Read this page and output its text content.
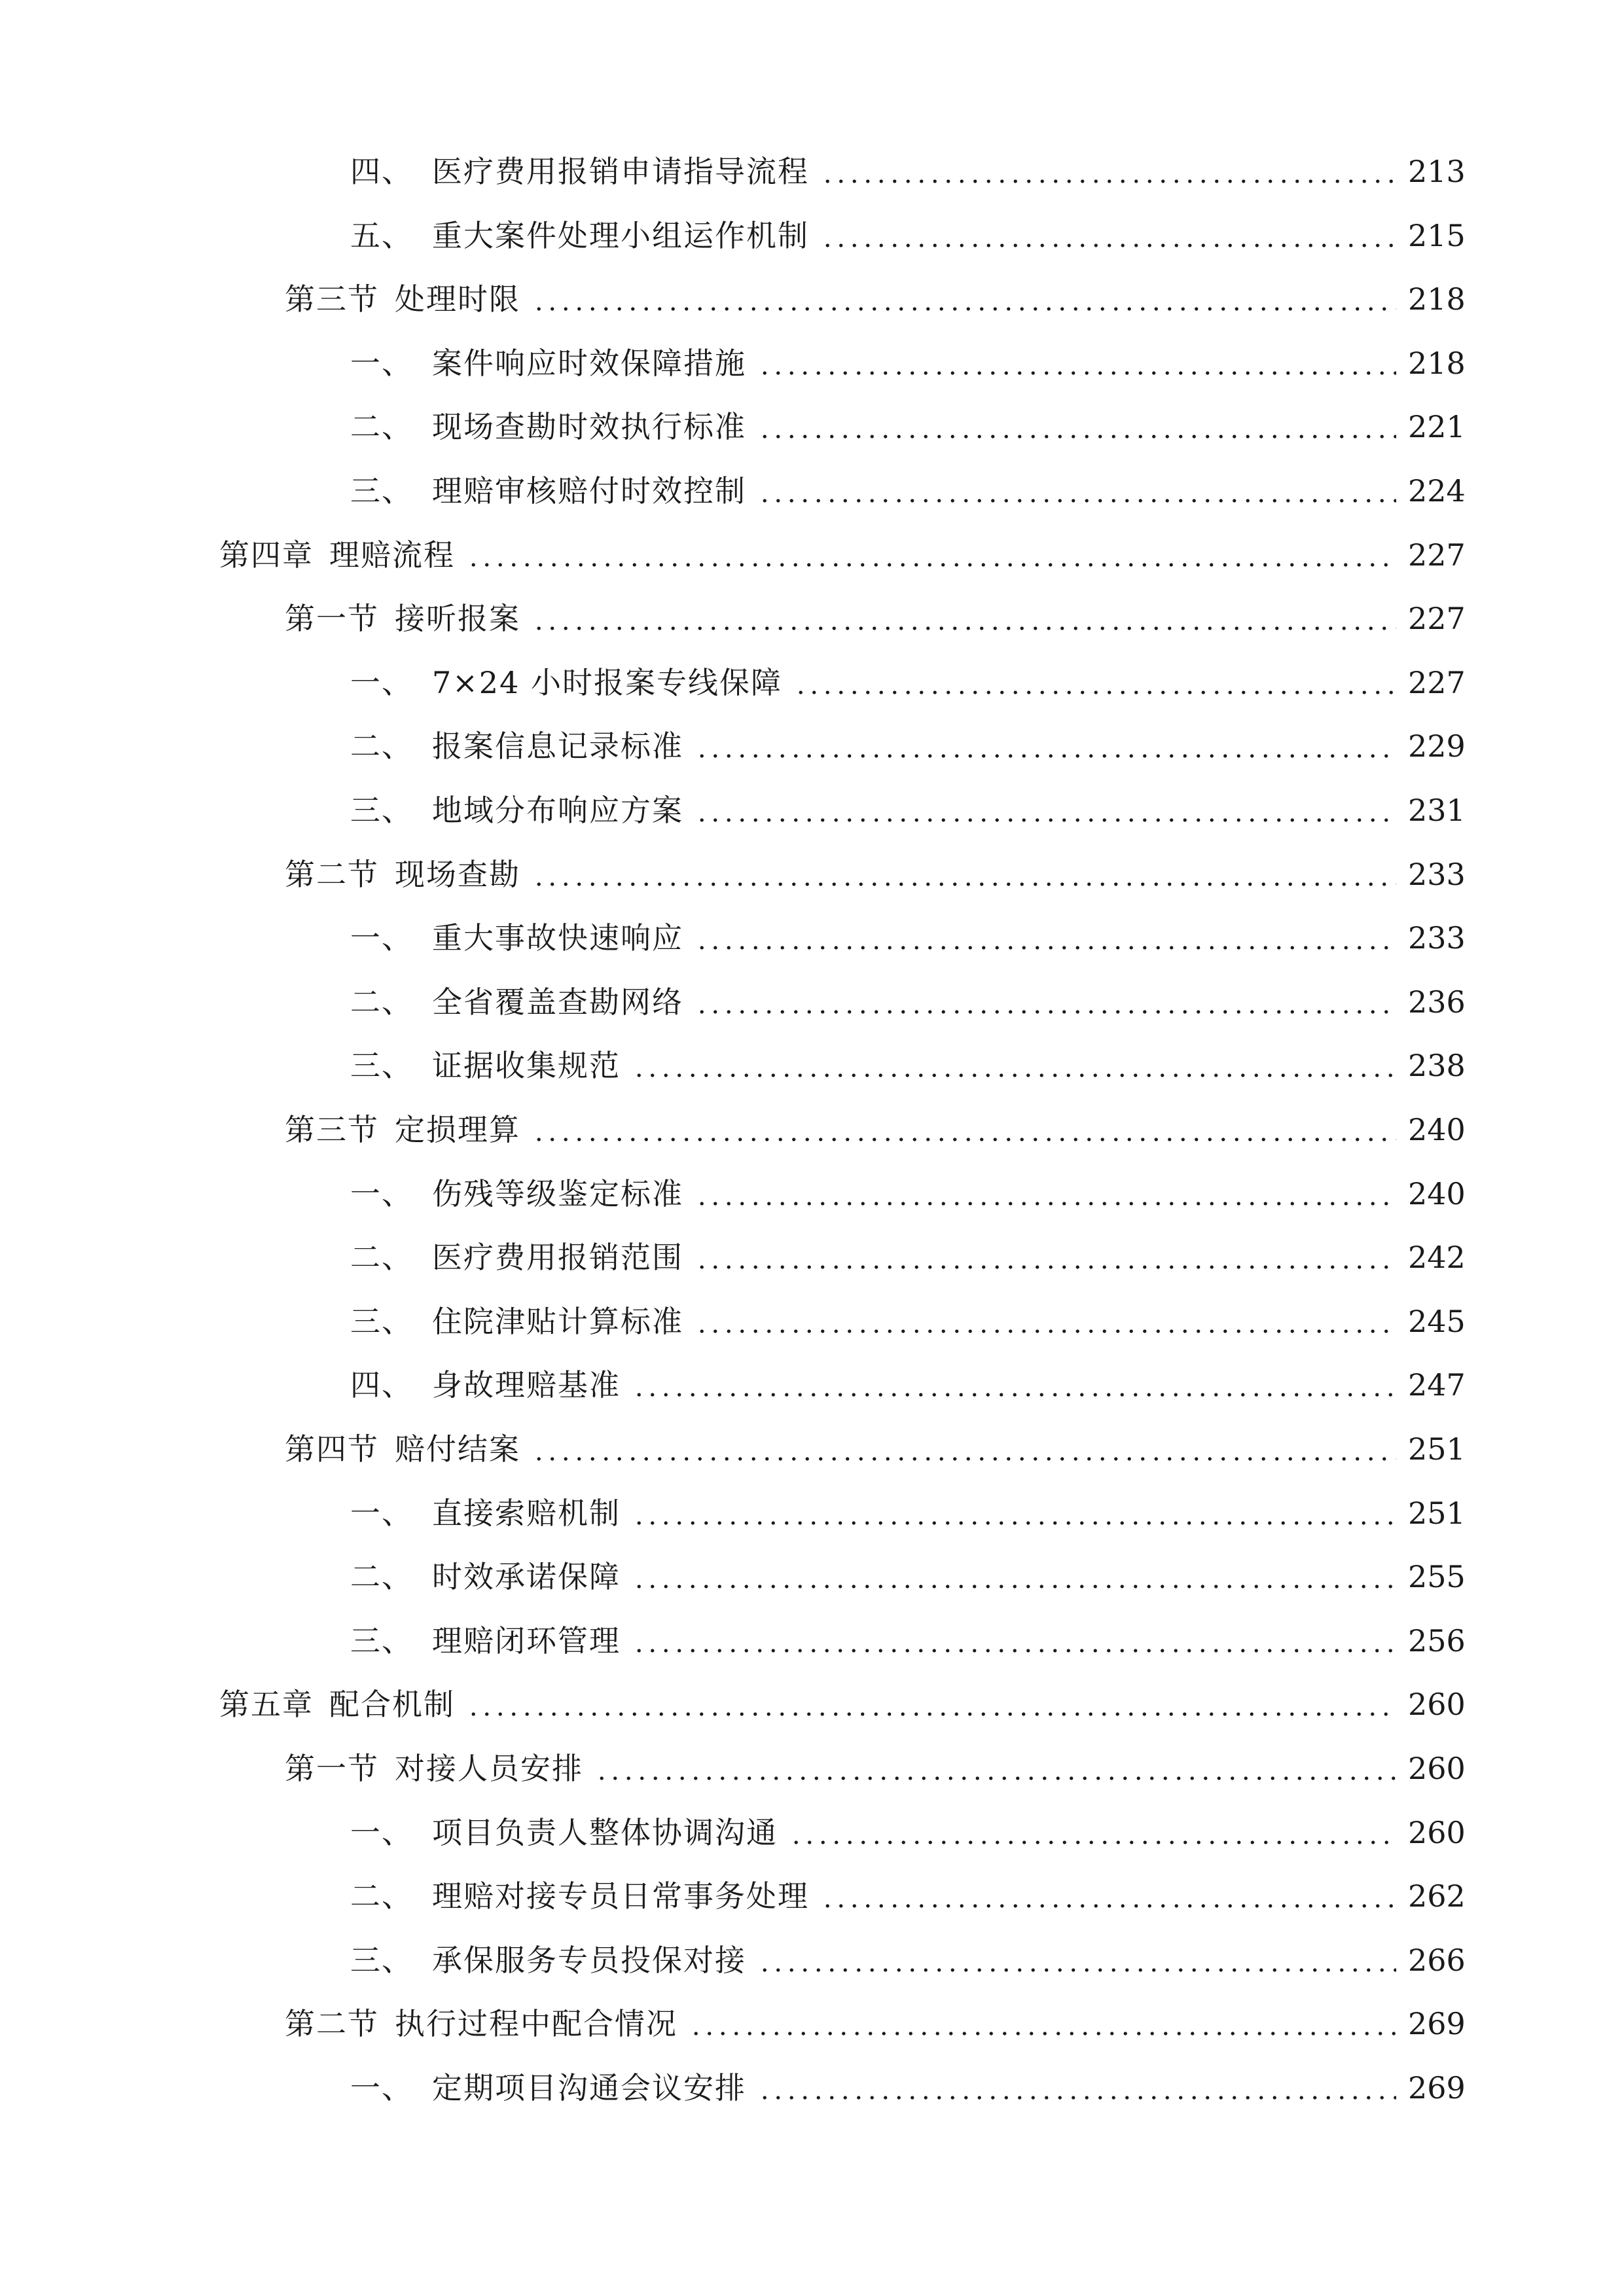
四、 医疗费用报销申请指导流程	213
五、 重大案件处理小组运作机制	215
第三节 处理时限	218
一、 案件响应时效保障措施	218
二、 现场查勘时效执行标准	221
三、 理赔审核赔付时效控制	224
第四章 理赔流程	227
第一节 接听报案	227
一、 7×24 小时报案专线保障	227
二、 报案信息记录标准	229
三、 地域分布响应方案	231
第二节 现场查勘	233
一、 重大事故快速响应	233
二、 全省覆盖查勘网络	236
三、 证据收集规范	238
第三节 定损理算	240
一、 伤残等级鉴定标准	240
二、 医疗费用报销范围	242
三、 住院津贴计算标准	245
四、 身故理赔基准	247
第四节 赔付结案	251
一、 直接索赔机制	251
二、 时效承诺保障	255
三、 理赔闭环管理	256
第五章 配合机制	260
第一节 对接人员安排	260
一、 项目负责人整体协调沟通	260
二、 理赔对接专员日常事务处理	262
三、 承保服务专员投保对接	266
第二节 执行过程中配合情况	269
一、 定期项目沟通会议安排	269
